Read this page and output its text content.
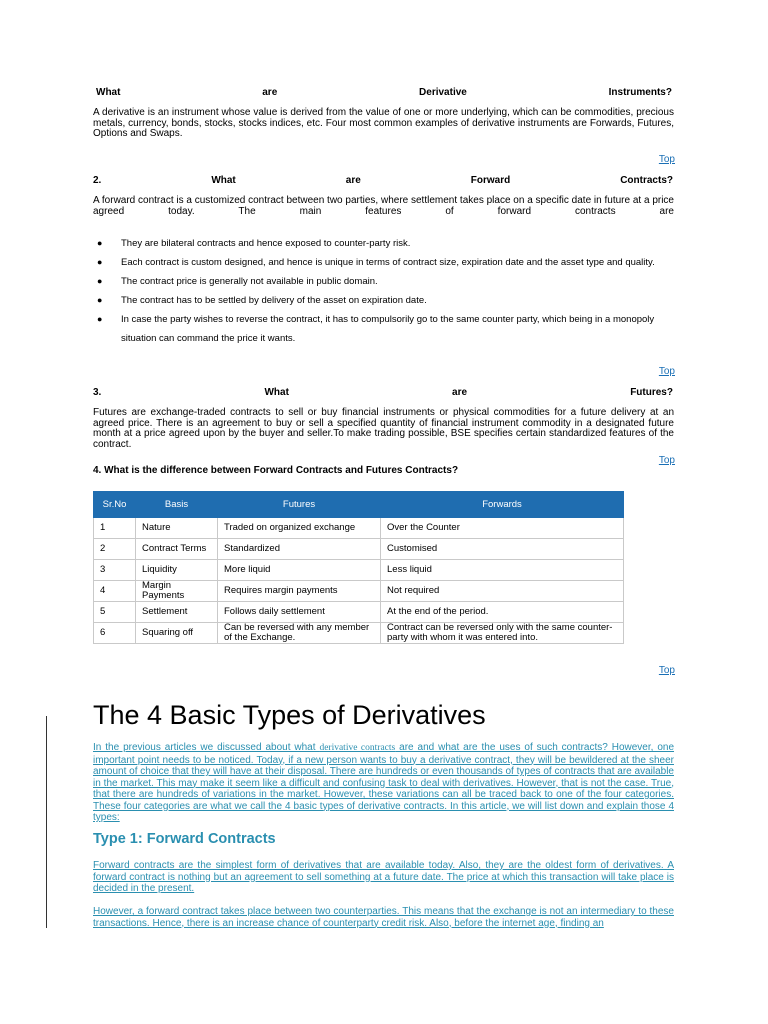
What	are	Derivative	Instruments?
A derivative is an instrument whose value is derived from the value of one or more underlying, which can be commodities, precious metals, currency, bonds, stocks, stocks indices, etc. Four most common examples of derivative instruments are Forwards, Futures, Options and Swaps.
Top
2.	What	are	Forward	Contracts?
A forward contract is a customized contract between two parties, where settlement takes place on a specific date in future at a price agreed today. The main features of forward contracts are
● They are bilateral contracts and hence exposed to counter-party risk.
● Each contract is custom designed, and hence is unique in terms of contract size, expiration date and the asset type and quality.
● The contract price is generally not available in public domain.
● The contract has to be settled by delivery of the asset on expiration date.
● In case the party wishes to reverse the contract, it has to compulsorily go to the same counter party, which being in a monopoly situation can command the price it wants.
Top
3.	What	are	Futures?
Futures are exchange-traded contracts to sell or buy financial instruments or physical commodities for a future delivery at an agreed price. There is an agreement to buy or sell a specified quantity of financial instrument commodity in a designated future month at a price agreed upon by the buyer and seller.To make trading possible, BSE specifies certain standardized features of the contract.
Top
4. What is the difference between Forward Contracts and Futures Contracts?
Sr.No	Basis	Futures	Forwards
1	Nature	Traded on organized exchange	Over the Counter
2	Contract Terms	Standardized	Customised
3	Liquidity	More liquid	Less liquid
4	Margin Payments	Requires margin payments	Not required
5	Settlement	Follows daily settlement	At the end of the period.
6	Squaring off	Can be reversed with any member of the Exchange.	Contract can be reversed only with the same counter-party with whom it was entered into.
Top
The 4 Basic Types of Derivatives
In the previous articles we discussed about what derivative contracts are and what are the uses of such contracts? However, one important point needs to be noticed. Today, if a new person wants to buy a derivative contract, they will be bewildered at the sheer amount of choice that they will have at their disposal. There are hundreds or even thousands of types of contracts that are available in the market. This may make it seem like a difficult and confusing task to deal with derivatives. However, that is not the case. True, that there are hundreds of variations in the market. However, these variations can all be traced back to one of the four categories. These four categories are what we call the 4 basic types of derivative contracts. In this article, we will list down and explain those 4 types:
Type 1: Forward Contracts
Forward contracts are the simplest form of derivatives that are available today. Also, they are the oldest form of derivatives. A forward contract is nothing but an agreement to sell something at a future date. The price at which this transaction will take place is decided in the present.
However, a forward contract takes place between two counterparties. This means that the exchange is not an intermediary to these transactions. Hence, there is an increase chance of counterparty credit risk. Also, before the internet age, finding an
